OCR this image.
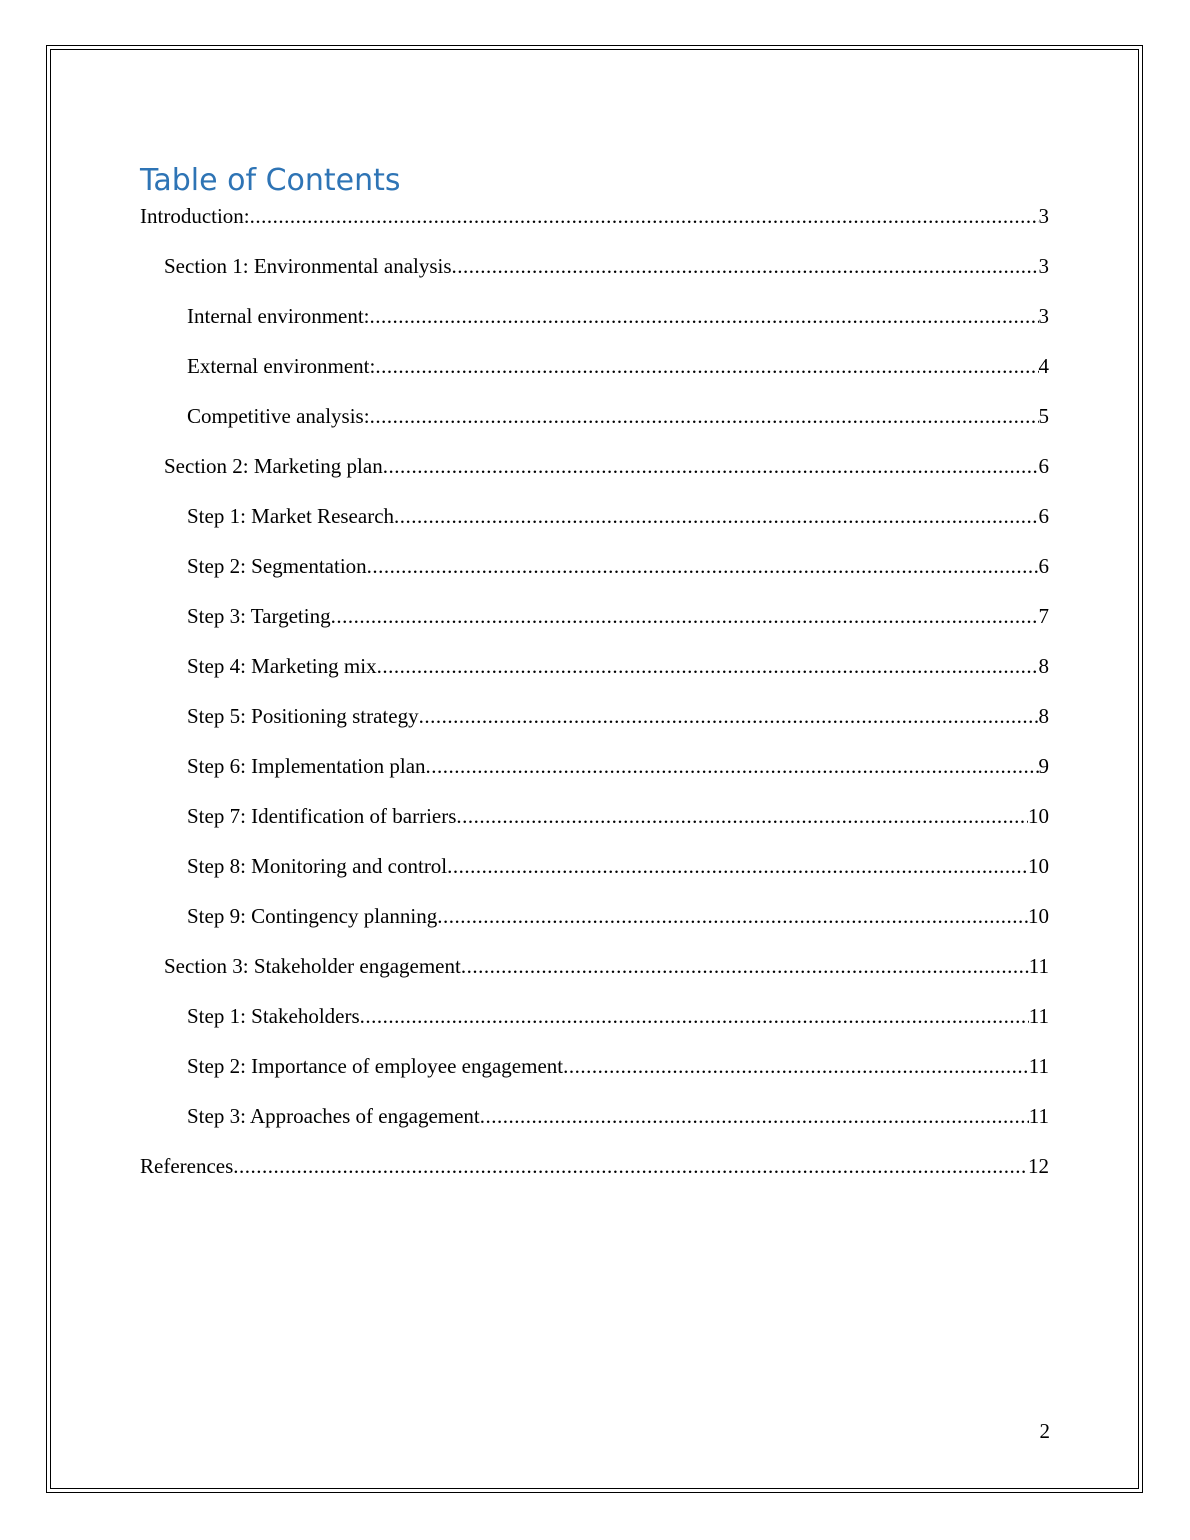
Table of Contents
Introduction: .....	3
Section 1: Environmental analysis .....	3
Internal environment: .....	3
External environment: .....	4
Competitive analysis: .....	5
Section 2: Marketing plan .....	6
Step 1: Market Research .....	6
Step 2: Segmentation .....	6
Step 3: Targeting .....	7
Step 4: Marketing mix .....	8
Step 5: Positioning strategy .....	8
Step 6: Implementation plan .....	9
Step 7: Identification of barriers .....	10
Step 8: Monitoring and control .....	10
Step 9: Contingency planning .....	10
Section 3: Stakeholder engagement .....	11
Step 1: Stakeholders .....	11
Step 2: Importance of employee engagement .....	11
Step 3: Approaches of engagement .....	11
References .....	12
2
